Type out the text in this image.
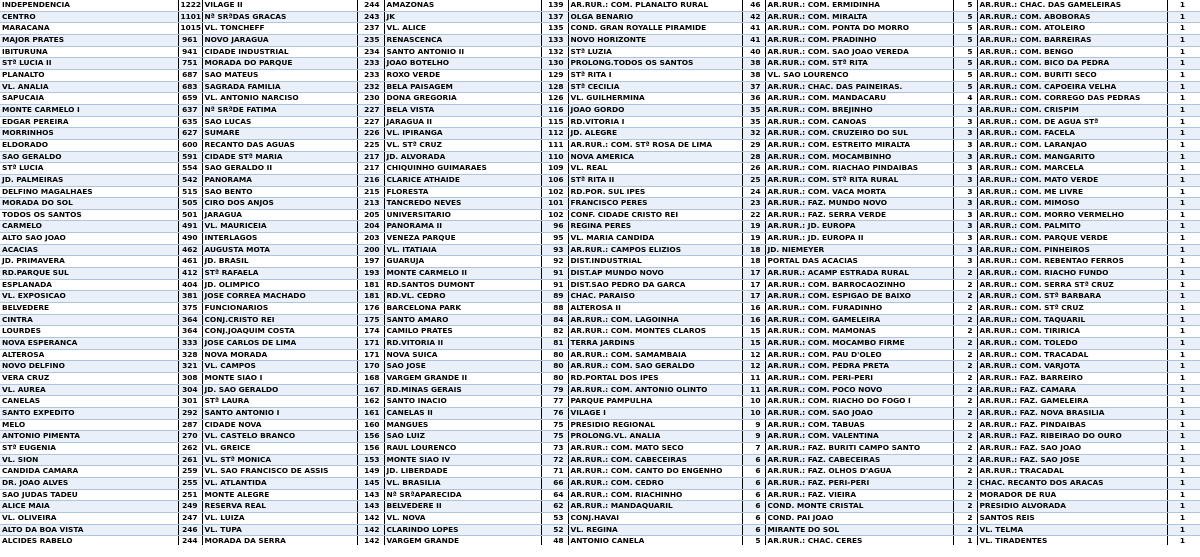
INDEPENDENCIA	1222	VILAGE II	244	AMAZONAS	139	AR.RUR.: COM. PLANALTO RURAL	46	AR.RUR.: COM. ERMIDINHA	5	AR.RUR.: CHAC. DAS GAMELEIRAS	1
CENTRO	1101	Nª SRªDAS GRACAS	243	JK	137	OLGA BENARIO	42	AR.RUR.: COM. MIRALTA	5	AR.RUR.: COM. ABOBORAS	1
MARACANA	1015	VL. TONCHEFF	237	VL. ALICE	135	COND. GRAN ROYALLE PIRAMIDE	41	AR.RUR.: COM. PONTA DO MORRO	5	AR.RUR.: COM. ATOLEIRO	1
MAJOR PRATES	961	NOVO JARAGUA	235	RENASCENCA	133	NOVO HORIZONTE	41	AR.RUR.: COM. PRADINHO	5	AR.RUR.: COM. BARREIRAS	1
IBITURUNA	941	CIDADE INDUSTRIAL	234	SANTO ANTONIO II	132	STª LUZIA	40	AR.RUR.: COM. SAO JOAO VEREDA	5	AR.RUR.: COM. BENGO	1
STª LUCIA II	751	MORADA DO PARQUE	233	JOAO BOTELHO	130	PROLONG.TODOS OS SANTOS	38	AR.RUR.: COM. STª RITA	5	AR.RUR.: COM. BICO DA PEDRA	1
PLANALTO	687	SAO MATEUS	233	ROXO VERDE	129	STª RITA I	38	VL. SAO LOURENCO	5	AR.RUR.: COM. BURITI SECO	1
VL. ANALIA	683	SAGRADA FAMILIA	232	BELA PAISAGEM	128	STª CECILIA	37	AR.RUR.: CHAC. DAS PAINEIRAS.	5	AR.RUR.: COM. CAPOEIRA VELHA	1
SAPUCAIA	659	VL. ANTONIO NARCISO	230	DONA GREGORIA	126	VL. GUILHERMINA	36	AR.RUR.: COM. MANDACARU	4	AR.RUR.: COM. CORREGO DAS PEDRAS	1
MONTE CARMELO I	637	Nª SRªDE FATIMA	227	BELA VISTA	116	JOAO GORDO	35	AR.RUR.: COM. BREJINHO	3	AR.RUR.: COM. CRISPIM	1
EDGAR PEREIRA	635	SAO LUCAS	227	JARAGUA II	115	RD.VITORIA I	35	AR.RUR.: COM. CANOAS	3	AR.RUR.: COM. DE AGUA STª	1
MORRINHOS	627	SUMARE	226	VL. IPIRANGA	112	JD. ALEGRE	32	AR.RUR.: COM. CRUZEIRO DO SUL	3	AR.RUR.: COM. FACELA	1
ELDORADO	600	RECANTO DAS AGUAS	225	VL. STª CRUZ	111	AR.RUR.: COM. STª ROSA DE LIMA	29	AR.RUR.: COM. ESTREITO MIRALTA	3	AR.RUR.: COM. LARANJAO	1
SAO GERALDO	591	CIDADE STª MARIA	217	JD. ALVORADA	110	NOVA AMERICA	28	AR.RUR.: COM. MOCAMBINHO	3	AR.RUR.: COM. MANGARITO	1
STª LUCIA	554	SAO GERALDO II	217	CHIQUINHO GUIMARAES	109	VL. REAL	26	AR.RUR.: COM. RIACHAO PINDAIBAS	3	AR.RUR.: COM. MARCELA	1
JD. PALMEIRAS	542	PANORAMA	216	CLARICE ATHAIDE	106	STª RITA II	25	AR.RUR.: COM. STª RITA RURAL	3	AR.RUR.: COM. MATO VERDE	1
DELFINO MAGALHAES	515	SAO BENTO	215	FLORESTA	102	RD.POR. SUL IPES	24	AR.RUR.: COM. VACA MORTA	3	AR.RUR.: COM. ME LIVRE	1
MORADA DO SOL	505	CIRO DOS ANJOS	213	TANCREDO NEVES	101	FRANCISCO PERES	23	AR.RUR.: FAZ. MUNDO NOVO	3	AR.RUR.: COM. MIMOSO	1
TODOS OS SANTOS	501	JARAGUA	205	UNIVERSITARIO	102	CONF. CIDADE CRISTO REI	22	AR.RUR.: FAZ. SERRA VERDE	3	AR.RUR.: COM. MORRO VERMELHO	1
CARMELO	491	VL. MAURICEIA	204	PANORAMA II	96	REGINA PERES	19	AR.RUR.: JD. EUROPA	3	AR.RUR.: COM. PALMITO	1
ALTO SAO JOAO	490	INTERLAGOS	203	VENEZA PARQUE	95	VL. MARIA CANDIDA	19	AR.RUR.: JD. EUROPA II	3	AR.RUR.: COM. PARQUE VERDE	1
ACACIAS	462	AUGUSTA MOTA	200	VL. ITATIAIA	93	AR.RUR.: CAMPOS ELIZIOS	18	JD. NIEMEYER	3	AR.RUR.: COM. PINHEIROS	1
JD. PRIMAVERA	461	JD. BRASIL	197	GUARUJA	92	DIST.INDUSTRIAL	18	PORTAL DAS ACACIAS	3	AR.RUR.: COM. REBENTAO FERROS	1
RD.PARQUE SUL	412	STª RAFAELA	193	MONTE CARMELO II	91	DIST.AP MUNDO NOVO	17	AR.RUR.: ACAMP ESTRADA RURAL	2	AR.RUR.: COM. RIACHO FUNDO	1
ESPLANADA	404	JD. OLIMPICO	181	RD.SANTOS DUMONT	91	DIST.SAO PEDRO DA GARCA	17	AR.RUR.: COM. BARROCAOZINHO	2	AR.RUR.: COM. SERRA STª CRUZ	1
VL. EXPOSICAO	381	JOSE CORREA MACHADO	181	RD.VL. CEDRO	89	CHAC. PARAISO	17	AR.RUR.: COM. ESPIGAO DE BAIXO	2	AR.RUR.: COM. STª BARBARA	1
BELVEDERE	375	FUNCIONARIOS	176	BARCELONA PARK	88	ALTEROSA II	16	AR.RUR.: COM. FURADINHO	2	AR.RUR.: COM. STª CRUZ	1
CINTRA	364	CONJ.CRISTO REI	175	SANTO AMARO	84	AR.RUR.: COM. LAGOINHA	16	AR.RUR.: COM. GAMELEIRA	2	AR.RUR.: COM. TAQUARIL	1
LOURDES	364	CONJ.JOAQUIM COSTA	174	CAMILO PRATES	82	AR.RUR.: COM. MONTES CLAROS	15	AR.RUR.: COM. MAMONAS	2	AR.RUR.: COM. TIRIRICA	1
NOVA ESPERANCA	333	JOSE CARLOS DE LIMA	171	RD.VITORIA II	81	TERRA JARDINS	15	AR.RUR.: COM. MOCAMBO FIRME	2	AR.RUR.: COM. TOLEDO	1
ALTEROSA	328	NOVA MORADA	171	NOVA SUICA	80	AR.RUR.: COM. SAMAMBAIA	12	AR.RUR.: COM. PAU D'OLEO	2	AR.RUR.: COM. TRACADAL	1
NOVO DELFINO	321	VL. CAMPOS	170	SAO JOSE	80	AR.RUR.: COM. SAO GERALDO	12	AR.RUR.: COM. PEDRA PRETA	2	AR.RUR.: COM. VARJOTA	1
VERA CRUZ	308	MONTE SIAO I	168	VARGEM GRANDE II	80	RD.PORTAL DOS IPES	11	AR.RUR.: COM. PERI-PERI	2	AR.RUR.: FAZ. BARREIRO	1
VL. AUREA	304	JD. SAO GERALDO	167	RD.MINAS GERAIS	79	AR.RUR.: COM. ANTONIO OLINTO	11	AR.RUR.: COM. POCO NOVO	2	AR.RUR.: FAZ. CAMARA	1
CANELAS	301	STª LAURA	162	SANTO INACIO	77	PARQUE PAMPULHA	10	AR.RUR.: COM. RIACHO DO FOGO I	2	AR.RUR.: FAZ. GAMELEIRA	1
SANTO EXPEDITO	292	SANTO ANTONIO I	161	CANELAS II	76	VILAGE I	10	AR.RUR.: COM. SAO JOAO	2	AR.RUR.: FAZ. NOVA BRASILIA	1
MELO	287	CIDADE NOVA	160	MANGUES	75	PRESIDIO REGIONAL	9	AR.RUR.: COM. TABUAS	2	AR.RUR.: FAZ. PINDAIBAS	1
ANTONIO PIMENTA	270	VL. CASTELO BRANCO	156	SAO LUIZ	75	PROLONG.VL. ANALIA	9	AR.RUR.: COM. VALENTINA	2	AR.RUR.: FAZ. RIBEIRAO DO OURO	1
STª EUGENIA	262	VL. GREICE	156	RAUL LOURENCO	73	AR.RUR.: COM. MATO SECO	7	AR.RUR.: FAZ. BURITI CAMPO SANTO	2	AR.RUR.: FAZ. SAO JOAO	1
VL. SION	261	VL. STª MONICA	153	MONTE SIAO IV	72	AR.RUR.: COM. CABECEIRAS	6	AR.RUR.: FAZ. CABECEIRAS	2	AR.RUR.: FAZ. SAO JOSE	1
CANDIDA CAMARA	259	VL. SAO FRANCISCO DE ASSIS	149	JD. LIBERDADE	71	AR.RUR.: COM. CANTO DO ENGENHO	6	AR.RUR.: FAZ. OLHOS D'AGUA	2	AR.RUR.: TRACADAL	1
DR. JOAO ALVES	255	VL. ATLANTIDA	145	VL. BRASILIA	66	AR.RUR.: COM. CEDRO	6	AR.RUR.: FAZ. PERI-PERI	2	CHAC. RECANTO DOS ARACAS	1
SAO JUDAS TADEU	251	MONTE ALEGRE	143	Nª SRªAPARECIDA	64	AR.RUR.: COM. RIACHINHO	6	AR.RUR.: FAZ. VIEIRA	2	MORADOR DE RUA	1
ALICE MAIA	249	RESERVA REAL	143	BELVEDERE II	62	AR.RUR.: MANDAQUARIL	6	COND. MONTE CRISTAL	2	PRESIDIO ALVORADA	1
VL. OLIVEIRA	247	VL. LUIZA	142	VL. NOVA	53	CONJ.HAVAI	6	COND. PAI JOAO	2	SANTOS REIS	1
ALTO DA BOA VISTA	246	VL. TUPA	142	CLARINDO LOPES	52	VL. REGINA	6	MIRANTE DO SOL	2	VL. TELMA	1
ALCIDES RABELO	244	MORADA DA SERRA	142	VARGEM GRANDE	48	ANTONIO CANELA	5	AR.RUR.: CHAC. CERES	1	VL. TIRADENTES	1
